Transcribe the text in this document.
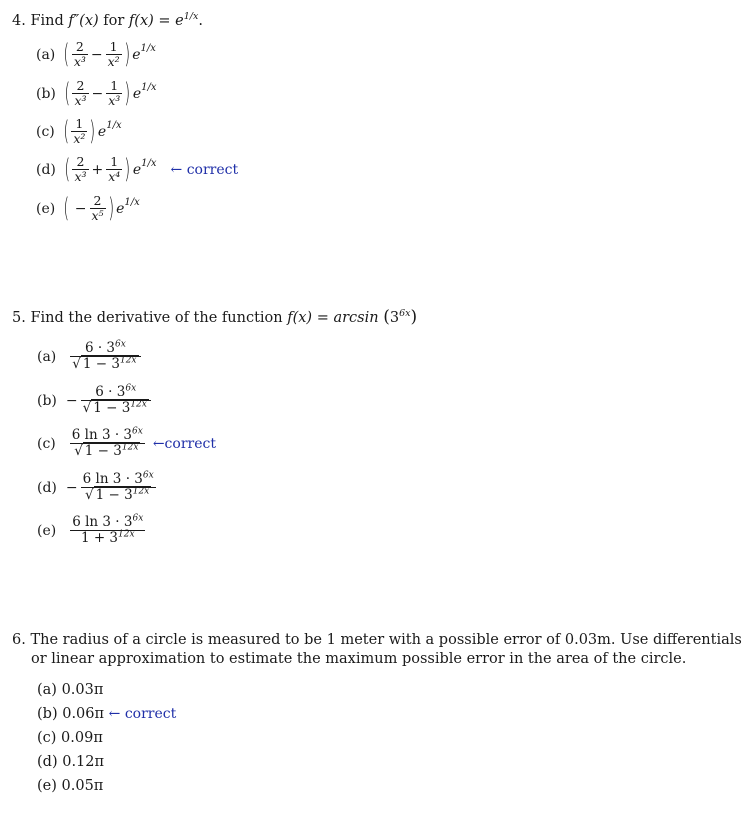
4. Find f″(x) for $f(x) = e^{1/x}$.
(a) ( $\frac{2}{\text{x³}} - \frac{1}{\text{x²}}$ ) e 1/x
(b) ( $\frac{2}{\text{x³}} - \frac{1}{\text{x³}}$ ) e 1/x
(c) ( $\frac{1}{\text{x²}}$ ) e 1/x
(d) ( $\frac{2}{\text{x³}} + \frac{1}{\text{x⁴}}$ ) e 1/x ← correct
(e) ( − $\frac{2}{\text{x⁵}}$ ) e 1/x
5. Find the derivative of the function $f(x) = \arcsin (3^{6x})$
$(a) \frac{6 \cdot 3^{6x}}{√ 1 - 3^{12x}}$
$(b) - \frac{6 \cdot 3^{6x}}{√ 1 - 3^{12x}}$
$(c) \frac{6 \ln 3 \cdot 3^{6x}}{√ 1 - 3^{12x}}$ ←correct
$(d) - \frac{6 \ln 3 \cdot 3^{6x}}{√ 1 - 3^{12x}}$
$(e) \frac{6 \ln 3 \cdot 3^{6x}}{1 + 3^{12x}}$
6. The radius of a circle is measured to be 1 meter with a possible error of 0.03m. Use differentials
or linear approximation to estimate the maximum possible error in the area of the circle.
(a) 0.03π
(b) 0.06π ← correct
(c) 0.09π
(d) 0.12π
(e) 0.05π
